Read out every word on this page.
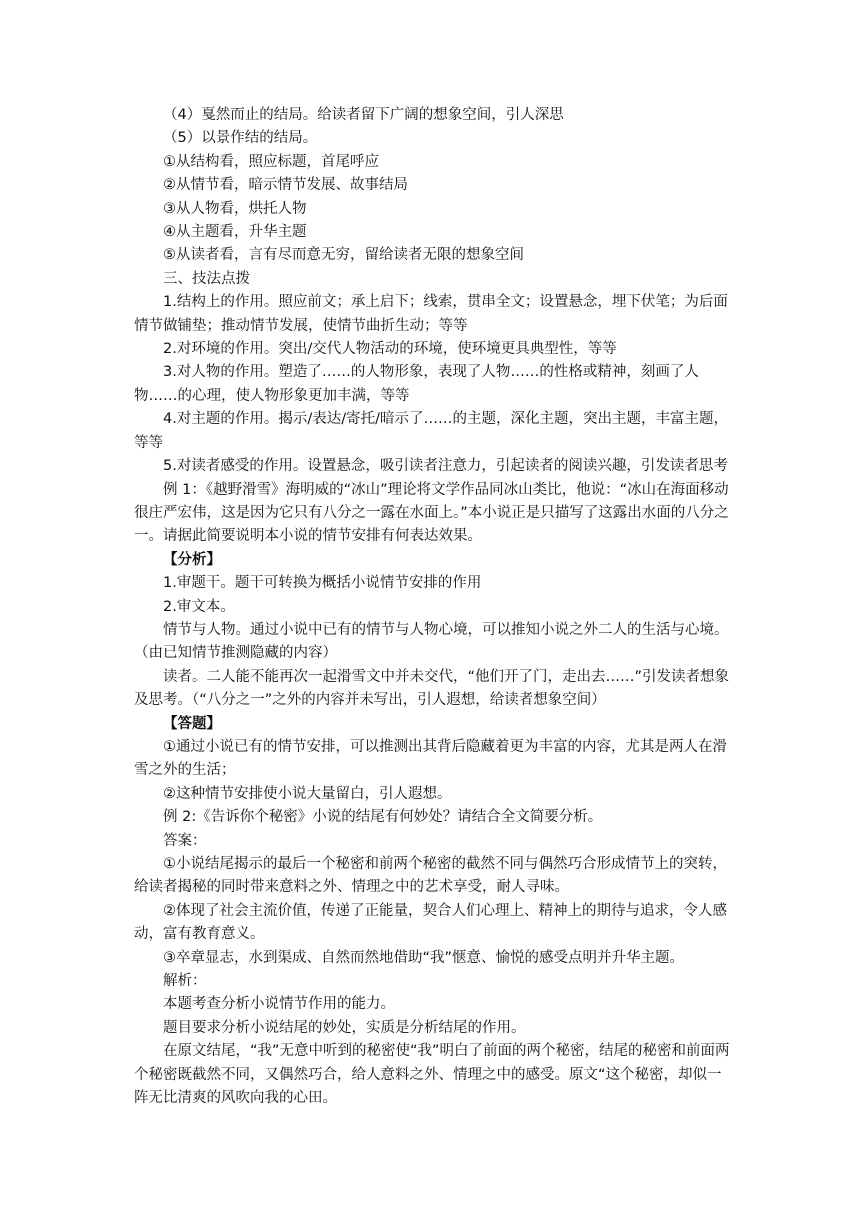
（4）戛然而止的结局。给读者留下广阔的想象空间，引人深思

（5）以景作结的结局。

①从结构看，照应标题，首尾呼应

②从情节看，暗示情节发展、故事结局

③从人物看，烘托人物

④从主题看，升华主题

⑤从读者看，言有尽而意无穷，留给读者无限的想象空间

三、技法点拨

1.结构上的作用。照应前文；承上启下；线索，贯串全文；设置悬念，埋下伏笔；为后面情节做铺垫；推动情节发展，使情节曲折生动；等等

2.对环境的作用。突出/交代人物活动的环境，使环境更具典型性，等等

3.对人物的作用。塑造了……的人物形象，表现了人物……的性格或精神，刻画了人物……的心理，使人物形象更加丰满，等等

4.对主题的作用。揭示/表达/寄托/暗示了……的主题，深化主题，突出主题，丰富主题，等等

5.对读者感受的作用。设置悬念，吸引读者注意力，引起读者的阅读兴趣，引发读者思考

例 1：《越野滑雪》海明威的“冰山”理论将文学作品同冰山类比，他说：“冰山在海面移动很庄严宏伟，这是因为它只有八分之一露在水面上。”本小说正是只描写了这露出水面的八分之一。请据此简要说明本小说的情节安排有何表达效果。

【分析】

1.审题干。题干可转换为概括小说情节安排的作用

2.审文本。

情节与人物。通过小说中已有的情节与人物心境，可以推知小说之外二人的生活与心境。（由已知情节推测隐藏的内容）

读者。二人能不能再次一起滑雪文中并未交代，“他们开了门，走出去……”引发读者想象及思考。（“八分之一”之外的内容并未写出，引人遐想，给读者想象空间）

【答题】

①通过小说已有的情节安排，可以推测出其背后隐藏着更为丰富的内容，尤其是两人在滑雪之外的生活；

②这种情节安排使小说大量留白，引人遐想。

例 2:《告诉你个秘密》小说的结尾有何妙处？请结合全文简要分析。

答案：

①小说结尾揭示的最后一个秘密和前两个秘密的截然不同与偶然巧合形成情节上的突转，给读者揭秘的同时带来意料之外、情理之中的艺术享受，耐人寻味。

②体现了社会主流价值，传递了正能量，契合人们心理上、精神上的期待与追求，令人感动，富有教育意义。

③卒章显志，水到渠成、自然而然地借助“我”惬意、愉悦的感受点明并升华主题。

解析：

本题考查分析小说情节作用的能力。

题目要求分析小说结尾的妙处，实质是分析结尾的作用。

在原文结尾，“我”无意中听到的秘密使“我”明白了前面的两个秘密，结尾的秘密和前面两个秘密既截然不同，又偶然巧合，给人意料之外、情理之中的感受。原文“这个秘密，却似一阵无比清爽的风吹向我的心田。
